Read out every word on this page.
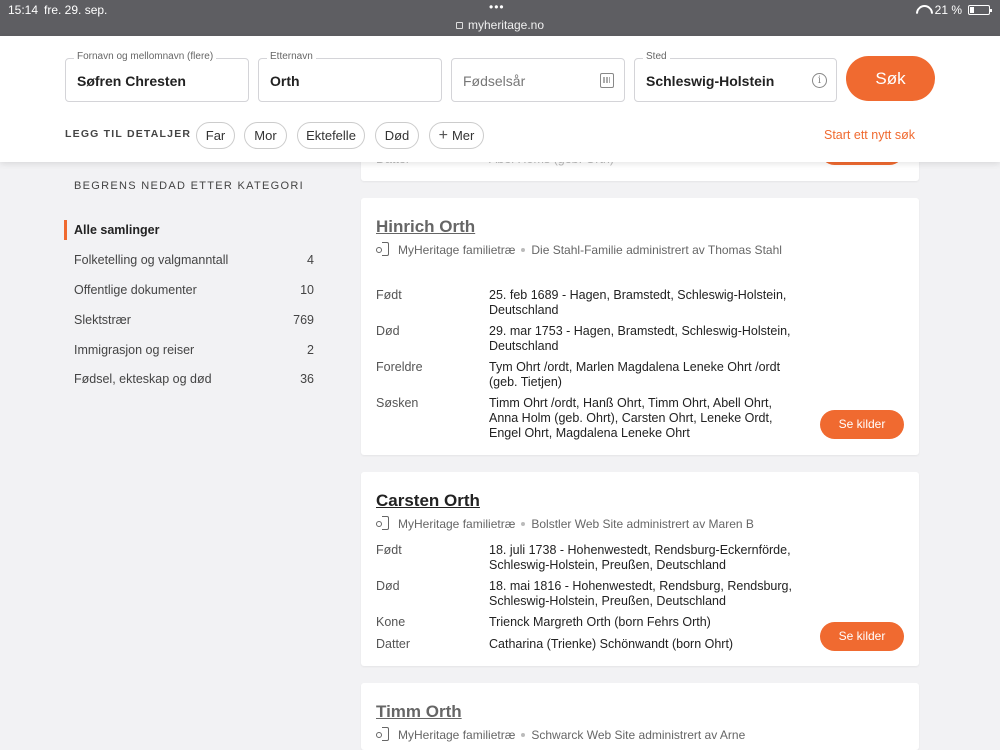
15:14 fre. 29. sep.	•••
myheritage.no
21 %
Fornavn og mellomnavn (flere)
Søfren Chresten
Etternavn
Orth	Fødselsår
Sted
Schleswig-Holstein	i	Søk
LEGG TIL DETALJER	Far	Mor	Ektefelle	Død	+ Mer	Start ett nytt søk
BEGRENS NEDAD ETTER KATEGORI
Alle samlinger
Folketelling og valgmanntall	4
Offentlige dokumenter	10
Slektstrær	769
Immigrasjon og reiser	2
Fødsel, ekteskap og død	36
Hinrich Orth
MyHeritage familietræ Die Stahl-Familie administrert av Thomas Stahl
Født	25. feb 1689 - Hagen, Bramstedt, Schleswig-Holstein, Deutschland
Død	29. mar 1753 - Hagen, Bramstedt, Schleswig-Holstein, Deutschland
Foreldre	Tym Ohrt /ordt, Marlen Magdalena Leneke Ohrt /ordt (geb. Tietjen)
Søsken	Timm Ohrt /ordt, Hanß Ohrt, Timm Ohrt, Abell Ohrt, Anna Holm (geb. Ohrt), Carsten Ohrt, Leneke Ordt, Engel Ohrt, Magdalena Leneke Ohrt
Se kilder
Carsten Orth
MyHeritage familietræ Bolstler Web Site administrert av Maren B
Født	18. juli 1738 - Hohenwestedt, Rendsburg-Eckernförde, Schleswig-Holstein, Preußen, Deutschland
Død	18. mai 1816 - Hohenwestedt, Rendsburg, Rendsburg, Schleswig-Holstein, Preußen, Deutschland
Kone	Trienck Margreth Orth (born Fehrs Orth)
Datter	Catharina (Trienke) Schönwandt (born Ohrt)
Se kilder
Timm Orth
MyHeritage familietræ Schwarck Web Site administrert av Arne
